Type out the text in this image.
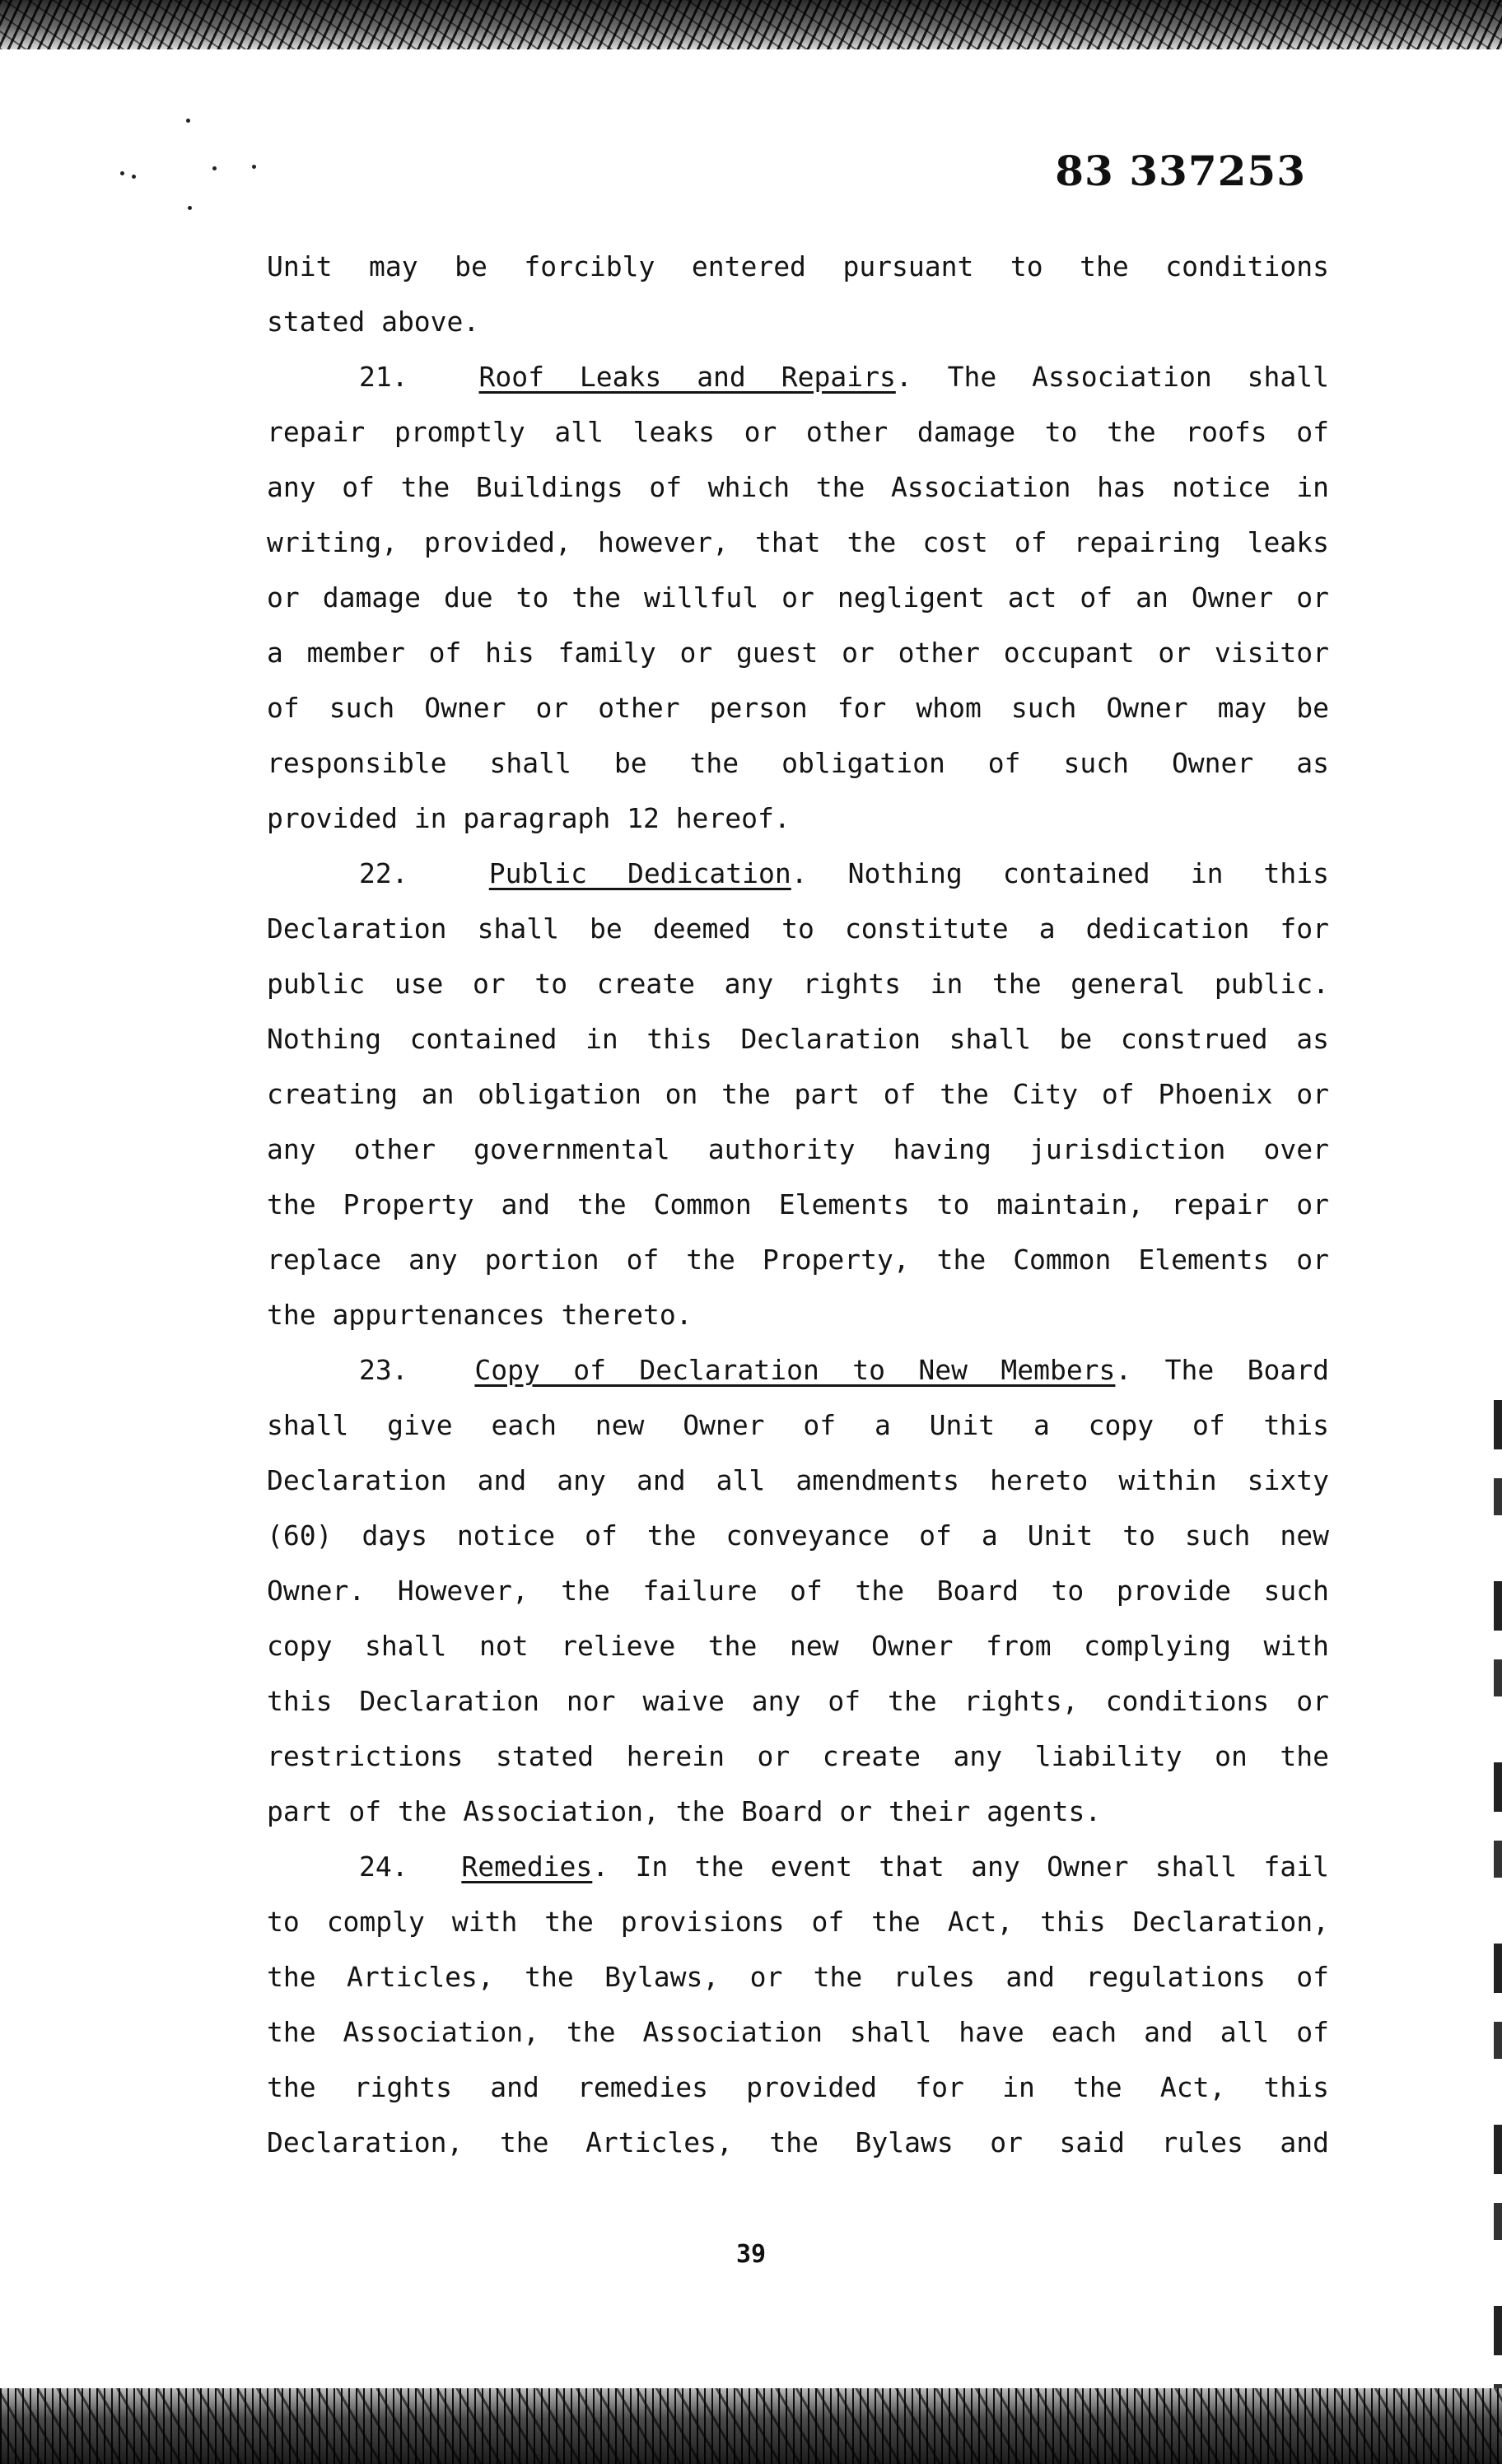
83 337253
Unit may be forcibly entered pursuant to the conditions
stated above.
21.	Roof Leaks and Repairs. The Association shall
repair promptly all leaks or other damage to the roofs of
any of the Buildings of which the Association has notice in
writing, provided, however, that the cost of repairing leaks
or damage due to the willful or negligent act of an Owner or
a member of his family or guest or other occupant or visitor
of such Owner or other person for whom such Owner may be
responsible shall be the obligation of such Owner as
provided in paragraph 12 hereof.
22.	Public Dedication. Nothing contained in this
Declaration shall be deemed to constitute a dedication for
public use or to create any rights in the general public.
Nothing contained in this Declaration shall be construed as
creating an obligation on the part of the City of Phoenix or
any other governmental authority having jurisdiction over
the Property and the Common Elements to maintain, repair or
replace any portion of the Property, the Common Elements or
the appurtenances thereto.
23. Copy of Declaration to New Members. The Board
shall give each new Owner of a Unit a copy of this
Declaration and any and all amendments hereto within sixty
(60) days notice of the conveyance of a Unit to such new
Owner. However, the failure of the Board to provide such
copy shall not relieve the new Owner from complying with
this Declaration nor waive any of the rights, conditions or
restrictions stated herein or create any liability on the
part of the Association, the Board or their agents.
24. Remedies. In the event that any Owner shall fail
to comply with the provisions of the Act, this Declaration,
the Articles, the Bylaws, or the rules and regulations of
the Association, the Association shall have each and all of
the rights and remedies provided for in the Act, this
Declaration, the Articles, the Bylaws or said rules and
39
